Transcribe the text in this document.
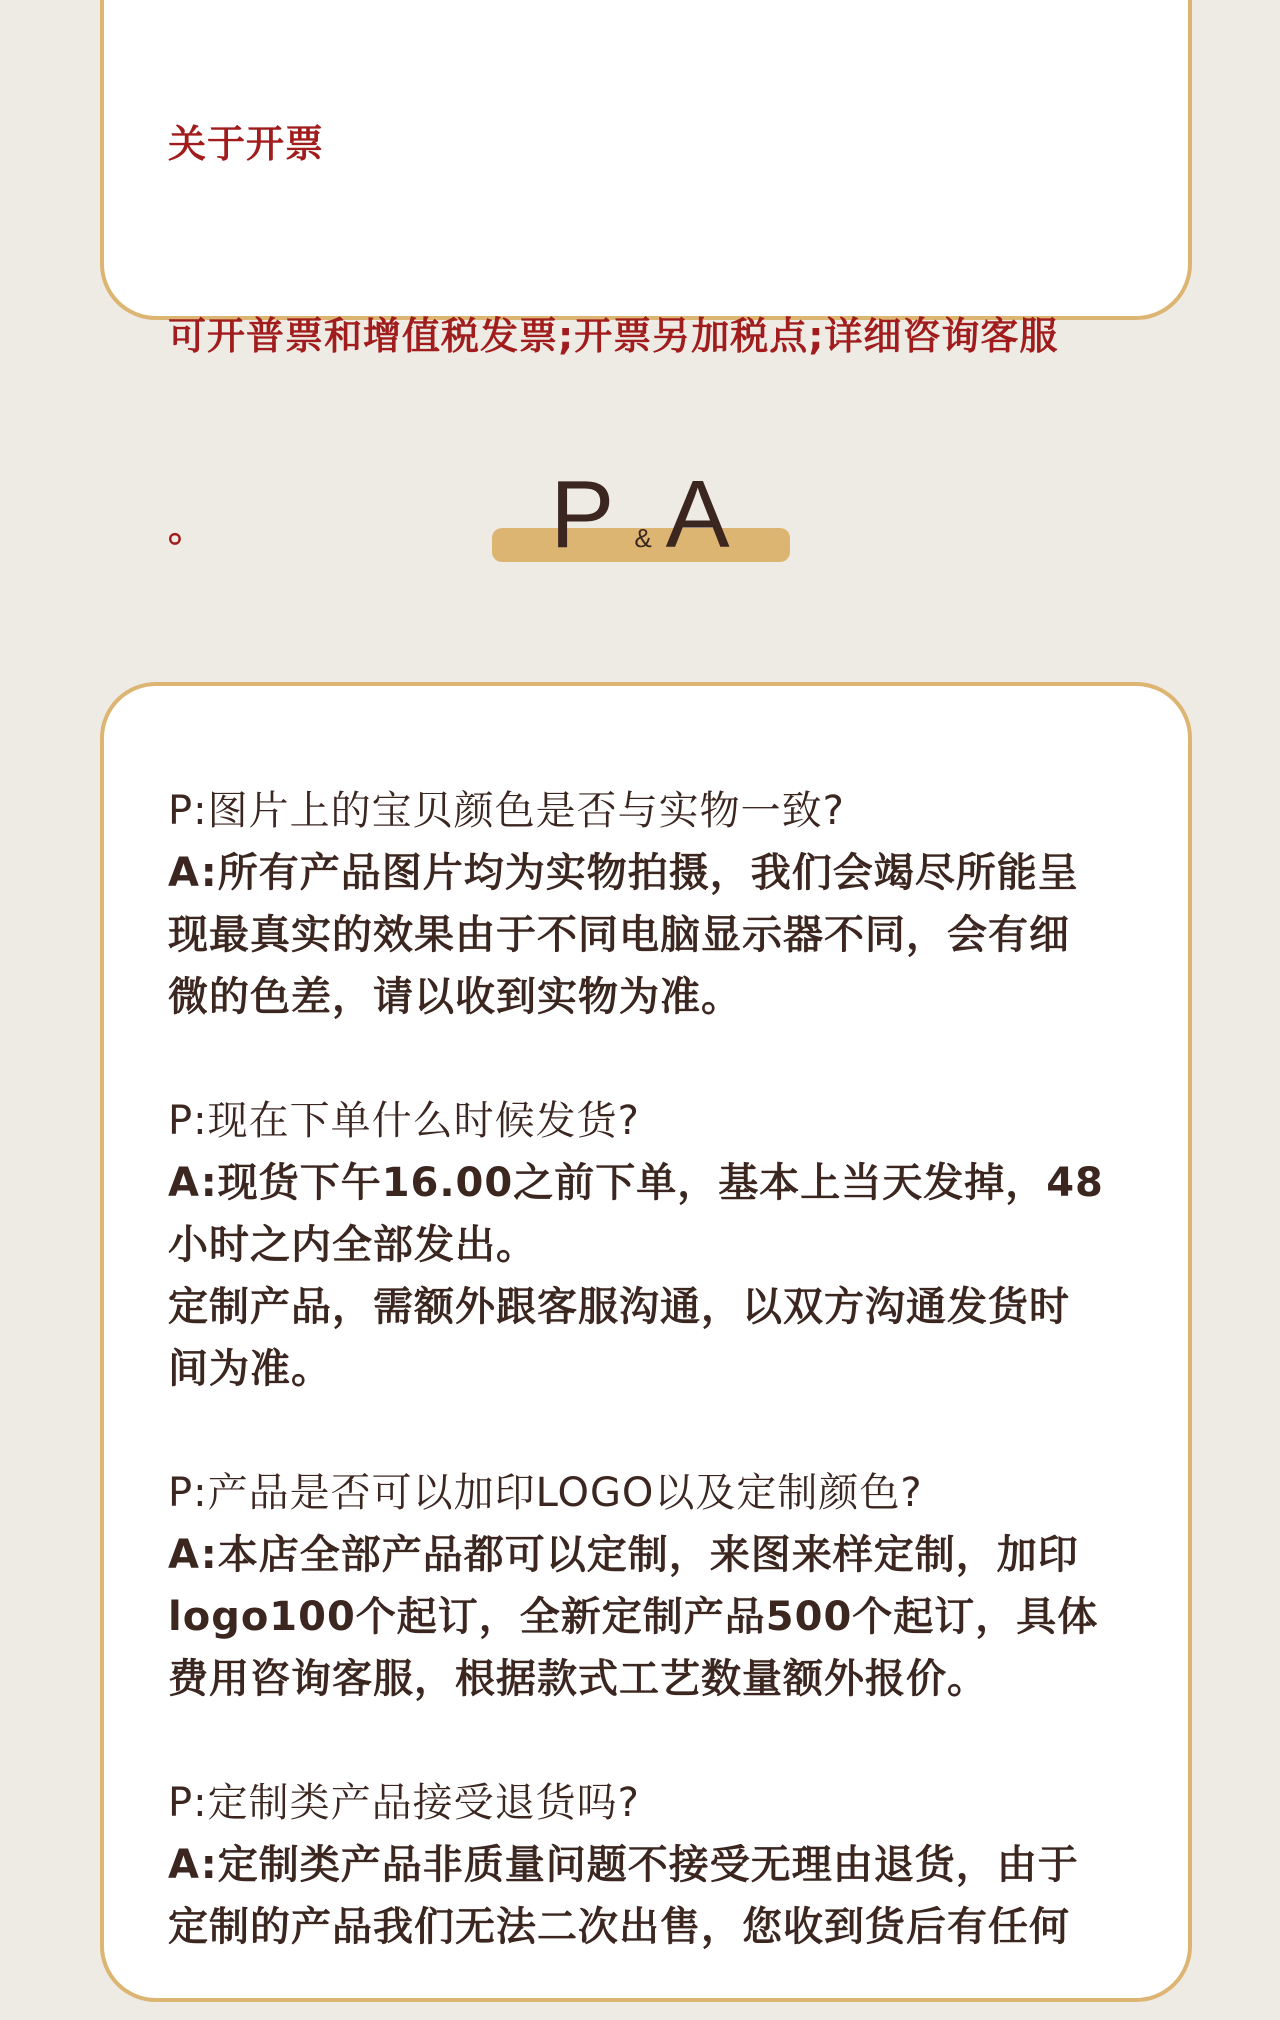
关于开票

可开普票和增值税发票;开票另加税点;详细咨询客服

。

	P & A
P:图片上的宝贝颜色是否与实物一致?
A:所有产品图片均为实物拍摄，我们会竭尽所能呈
现最真实的效果由于不同电脑显示器不同，会有细
微的色差，请以收到实物为准。
P:现在下单什么时候发货?
A:现货下午16.00之前下单，基本上当天发掉，48
小时之内全部发出。
定制产品，需额外跟客服沟通，以双方沟通发货时
间为准。
P:产品是否可以加印LOGO以及定制颜色?
A:本店全部产品都可以定制，来图来样定制，加印
logo100个起订，全新定制产品500个起订，具体
费用咨询客服，根据款式工艺数量额外报价。
P:定制类产品接受退货吗?
A:定制类产品非质量问题不接受无理由退货，由于
定制的产品我们无法二次出售，您收到货后有任何
